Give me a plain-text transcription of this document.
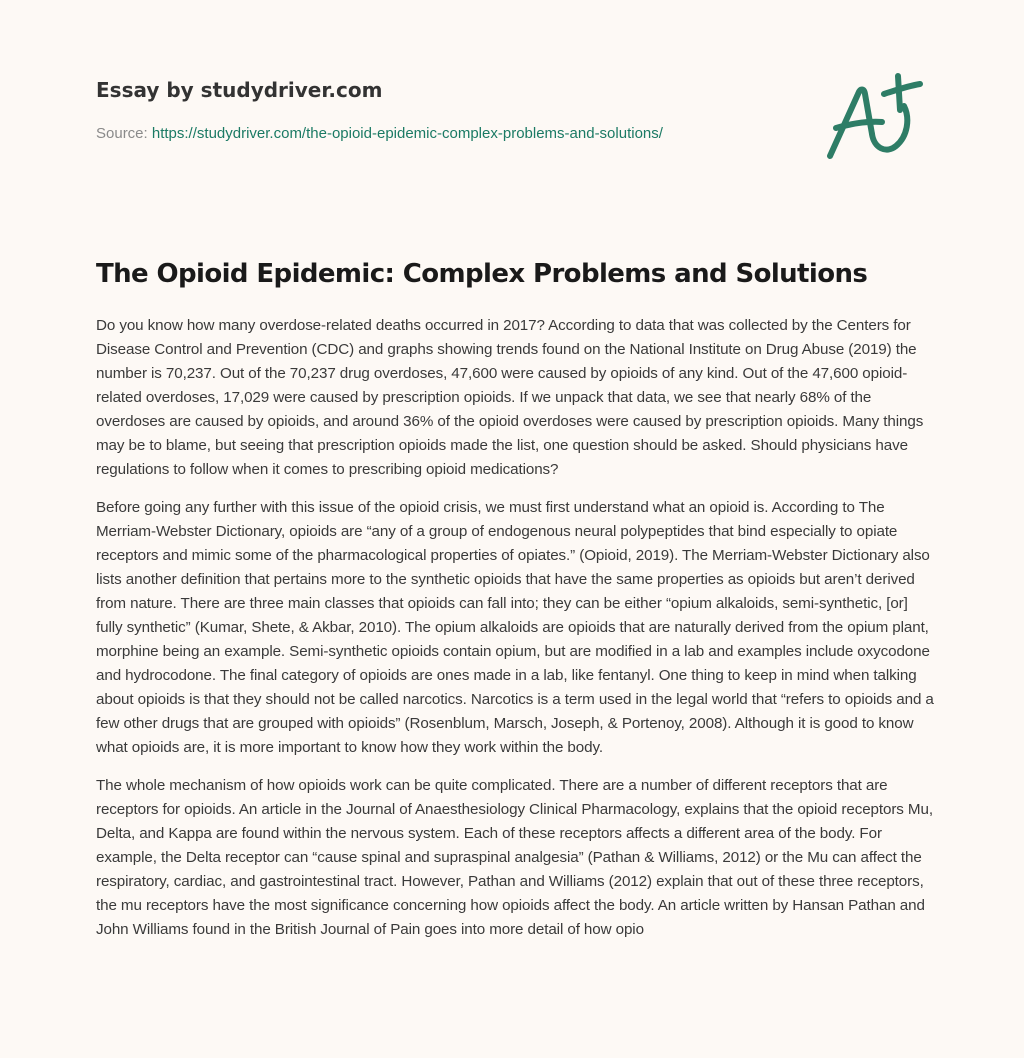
Essay by studydriver.com
Source: https://studydriver.com/the-opioid-epidemic-complex-problems-and-solutions/
The Opioid Epidemic: Complex Problems and Solutions

Do you know how many overdose-related deaths occurred in 2017? According to data that was collected by the Centers for Disease Control and Prevention (CDC) and graphs showing trends found on the National Institute on Drug Abuse (2019) the number is 70,237. Out of the 70,237 drug overdoses, 47,600 were caused by opioids of any kind. Out of the 47,600 opioid-related overdoses, 17,029 were caused by prescription opioids. If we unpack that data, we see that nearly 68% of the overdoses are caused by opioids, and around 36% of the opioid overdoses were caused by prescription opioids. Many things may be to blame, but seeing that prescription opioids made the list, one question should be asked. Should physicians have regulations to follow when it comes to prescribing opioid medications?

Before going any further with this issue of the opioid crisis, we must first understand what an opioid is. According to The Merriam-Webster Dictionary, opioids are “any of a group of endogenous neural polypeptides that bind especially to opiate receptors and mimic some of the pharmacological properties of opiates.” (Opioid, 2019). The Merriam-Webster Dictionary also lists another definition that pertains more to the synthetic opioids that have the same properties as opioids but aren’t derived from nature. There are three main classes that opioids can fall into; they can be either “opium alkaloids, semi-synthetic, [or] fully synthetic” (Kumar, Shete, & Akbar, 2010). The opium alkaloids are opioids that are naturally derived from the opium plant, morphine being an example. Semi-synthetic opioids contain opium, but are modified in a lab and examples include oxycodone and hydrocodone. The final category of opioids are ones made in a lab, like fentanyl. One thing to keep in mind when talking about opioids is that they should not be called narcotics. Narcotics is a term used in the legal world that “refers to opioids and a few other drugs that are grouped with opioids” (Rosenblum, Marsch, Joseph, & Portenoy, 2008). Although it is good to know what opioids are, it is more important to know how they work within the body.

The whole mechanism of how opioids work can be quite complicated. There are a number of different receptors that are receptors for opioids. An article in the Journal of Anaesthesiology Clinical Pharmacology, explains that the opioid receptors Mu, Delta, and Kappa are found within the nervous system. Each of these receptors affects a different area of the body. For example, the Delta receptor can “cause spinal and supraspinal analgesia” (Pathan & Williams, 2012) or the Mu can affect the respiratory, cardiac, and gastrointestinal tract. However, Pathan and Williams (2012) explain that out of these three receptors, the mu receptors have the most significance concerning how opioids affect the body. An article written by Hansan Pathan and John Williams found in the British Journal of Pain goes into more detail of how opio
